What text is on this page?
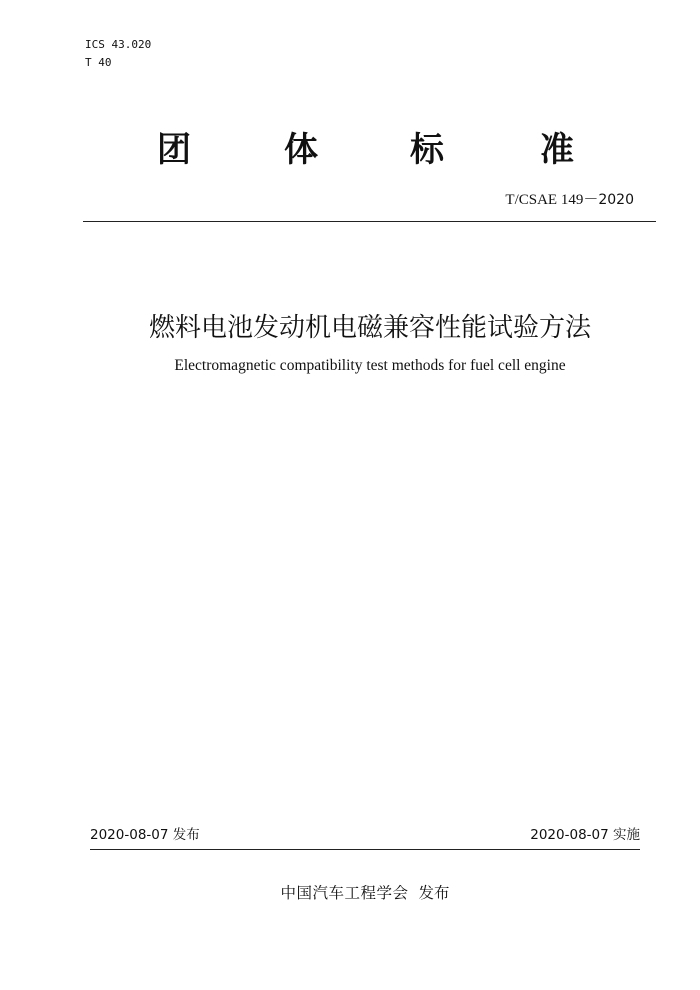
ICS 43.020
T 40
团	体	标	准
T/CSAE 149－2020
燃料电池发动机电磁兼容性能试验方法
Electromagnetic compatibility test methods for fuel cell engine
2020-08-07 发布	2020-08-07 实施
中国汽车工程学会 发布
